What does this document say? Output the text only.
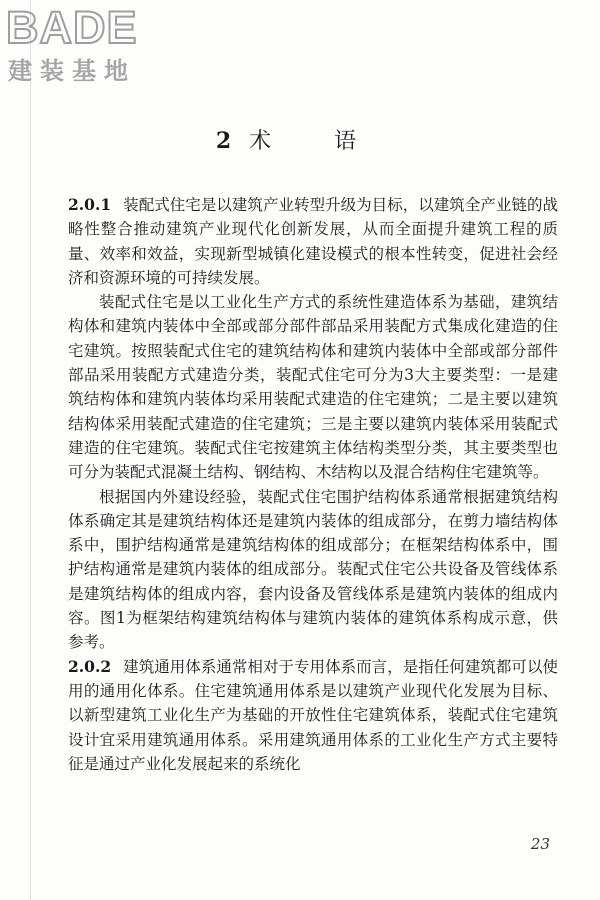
BADE
建装基地
2 术 语

2.0.1 装配式住宅是以建筑产业转型升级为目标，以建筑全产业链的战略性整合推动建筑产业现代化创新发展，从而全面提升建筑工程的质量、效率和效益，实现新型城镇化建设模式的根本性转变，促进社会经济和资源环境的可持续发展。

装配式住宅是以工业化生产方式的系统性建造体系为基础，建筑结构体和建筑内装体中全部或部分部件部品采用装配方式集成化建造的住宅建筑。按照装配式住宅的建筑结构体和建筑内装体中全部或部分部件部品采用装配方式建造分类，装配式住宅可分为3大主要类型：一是建筑结构体和建筑内装体均采用装配式建造的住宅建筑；二是主要以建筑结构体采用装配式建造的住宅建筑；三是主要以建筑内装体采用装配式建造的住宅建筑。装配式住宅按建筑主体结构类型分类，其主要类型也可分为装配式混凝土结构、钢结构、木结构以及混合结构住宅建筑等。

根据国内外建设经验，装配式住宅围护结构体系通常根据建筑结构体系确定其是建筑结构体还是建筑内装体的组成部分，在剪力墙结构体系中，围护结构通常是建筑结构体的组成部分；在框架结构体系中，围护结构通常是建筑内装体的组成部分。装配式住宅公共设备及管线体系是建筑结构体的组成内容，套内设备及管线体系是建筑内装体的组成内容。图1为框架结构建筑结构体与建筑内装体的建筑体系构成示意，供参考。

2.0.2 建筑通用体系通常相对于专用体系而言，是指任何建筑都可以使用的通用化体系。住宅建筑通用体系是以建筑产业现代化发展为目标、以新型建筑工业化生产为基础的开放性住宅建筑体系，装配式住宅建筑设计宜采用建筑通用体系。采用建筑通用体系的工业化生产方式主要特征是通过产业化发展起来的系统化

23
